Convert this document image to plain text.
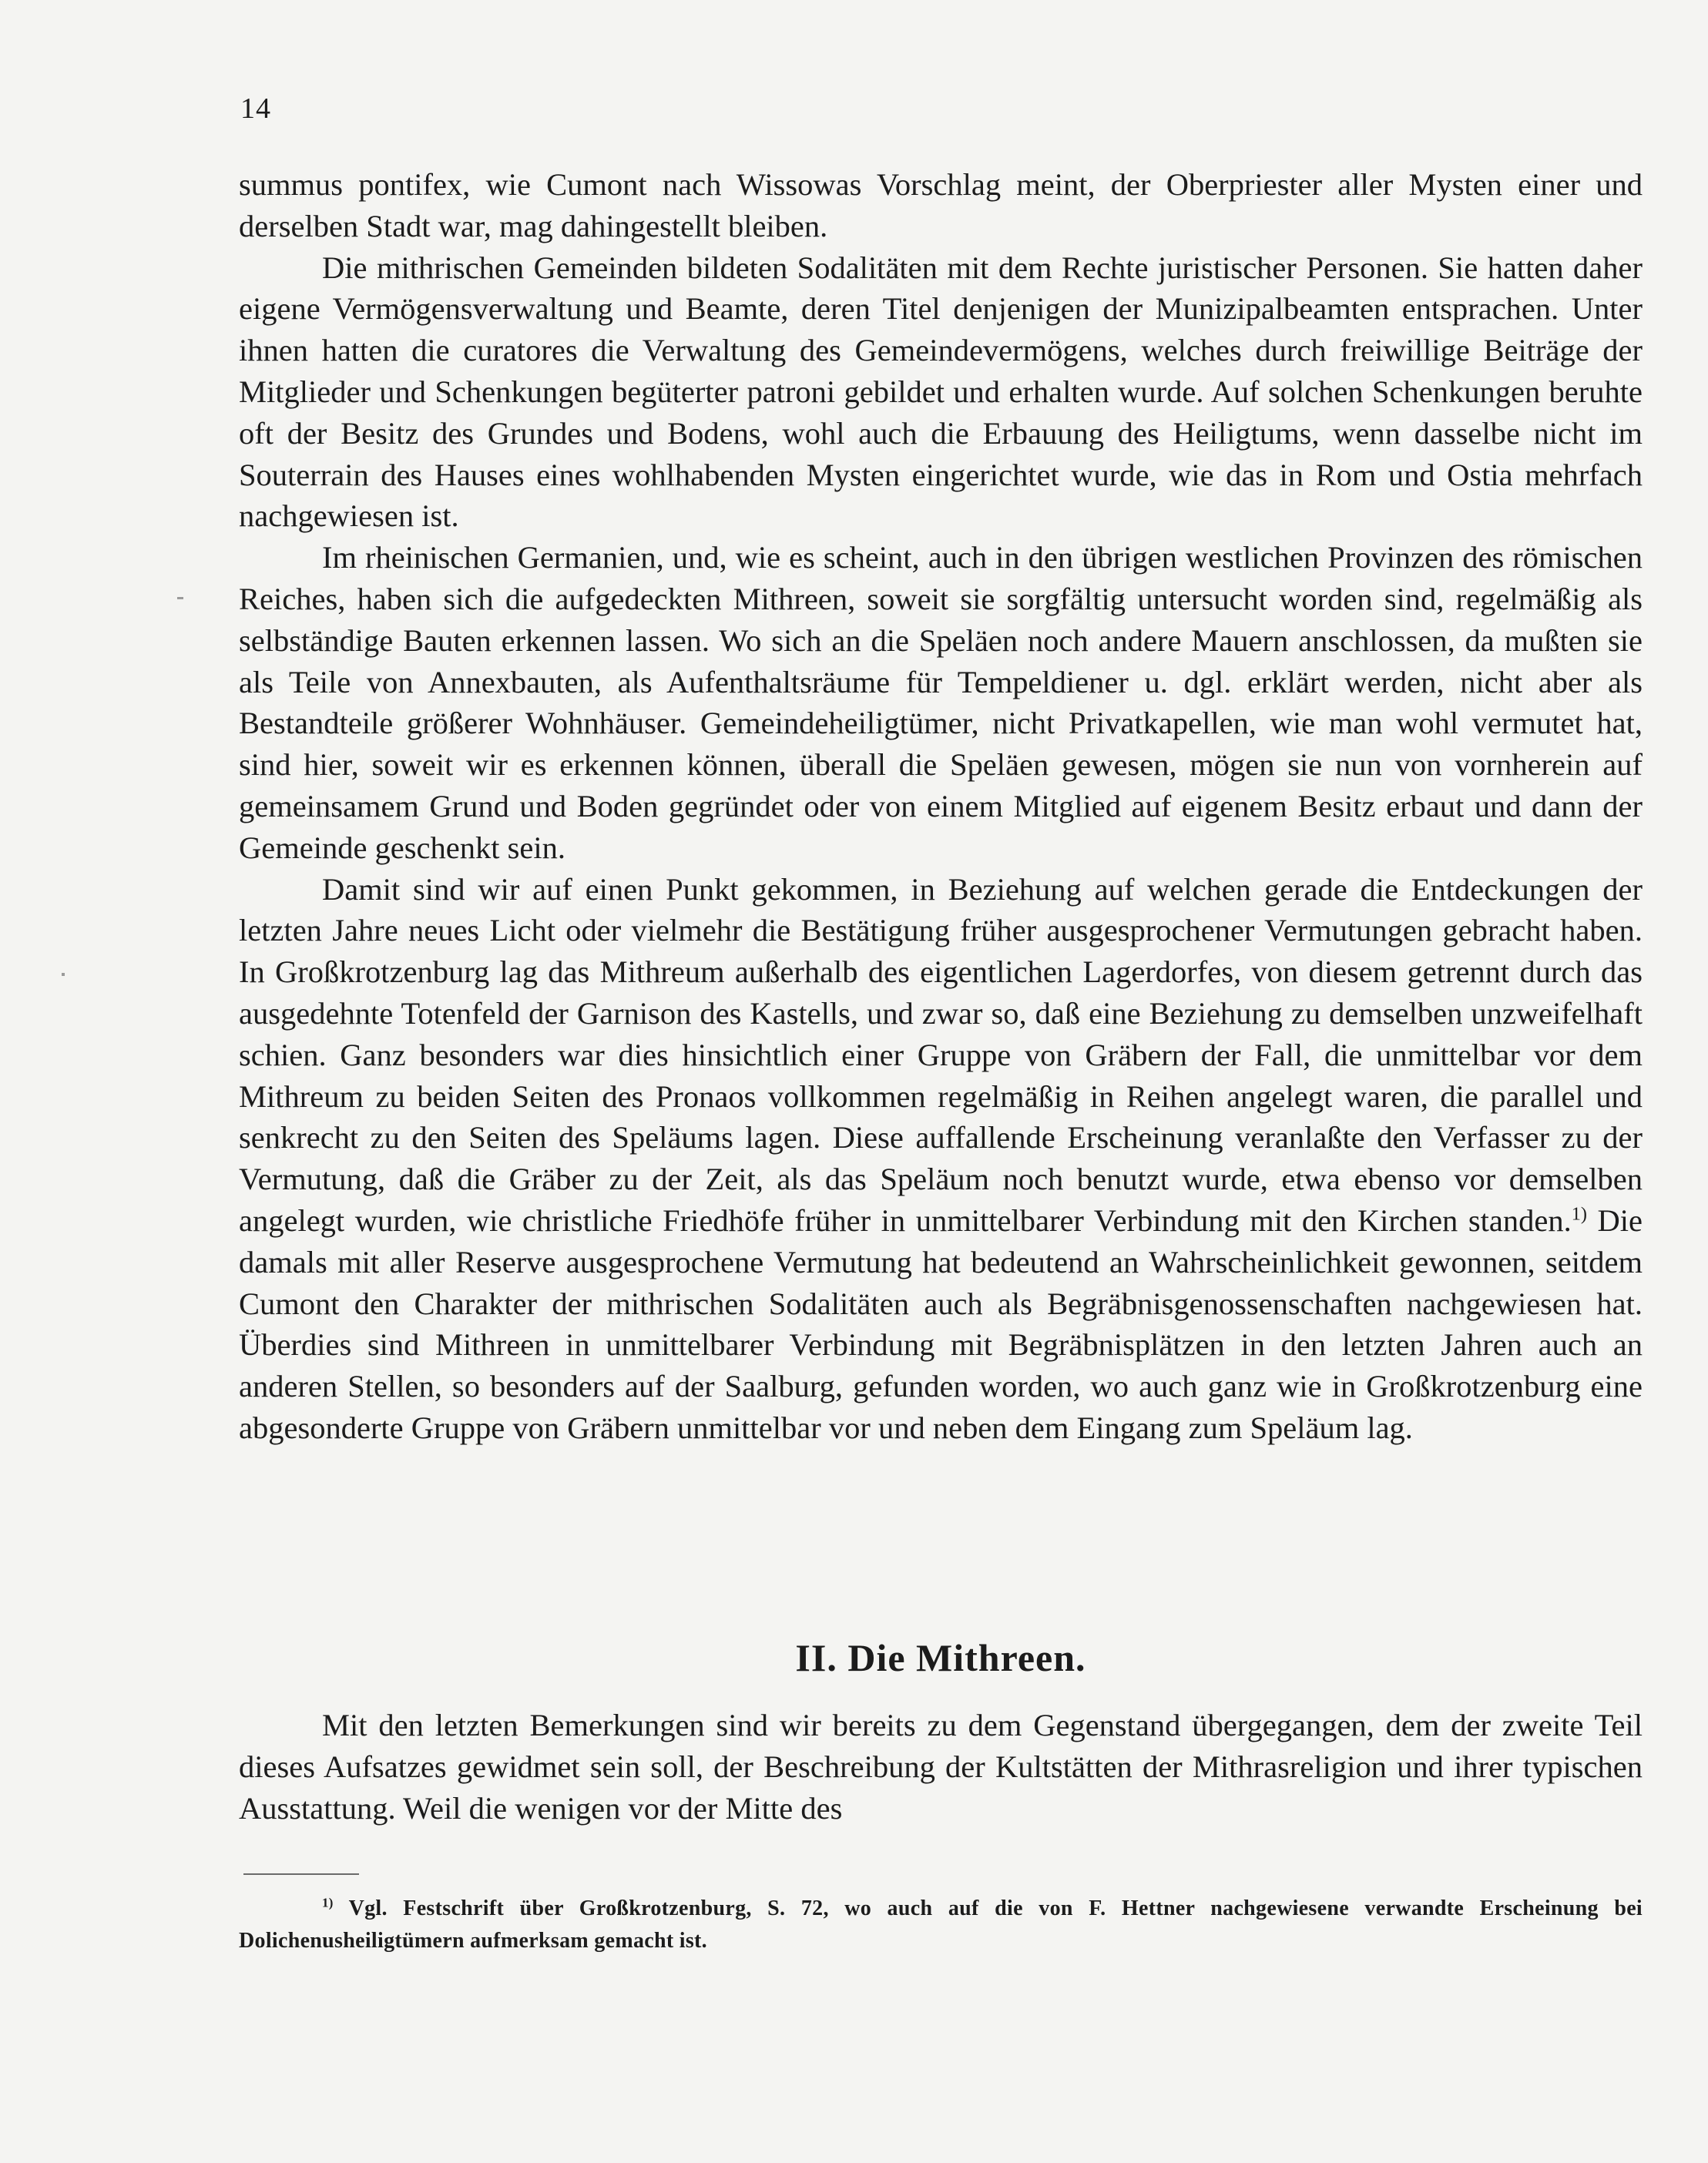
14

summus pontifex, wie Cumont nach Wissowas Vorschlag meint, der Oberpriester aller Mysten einer und derselben Stadt war, mag dahingestellt bleiben.

Die mithrischen Gemeinden bildeten Sodalitäten mit dem Rechte juristischer Personen. Sie hatten daher eigene Vermögensverwaltung und Beamte, deren Titel denjenigen der Munizipalbeamten entsprachen. Unter ihnen hatten die curatores die Verwaltung des Gemeindevermögens, welches durch freiwillige Beiträge der Mitglieder und Schenkungen begüterter patroni gebildet und erhalten wurde. Auf solchen Schenkungen beruhte oft der Besitz des Grundes und Bodens, wohl auch die Erbauung des Heiligtums, wenn dasselbe nicht im Souterrain des Hauses eines wohlhabenden Mysten eingerichtet wurde, wie das in Rom und Ostia mehrfach nachgewiesen ist.

Im rheinischen Germanien, und, wie es scheint, auch in den übrigen westlichen Provinzen des römischen Reiches, haben sich die aufgedeckten Mithreen, soweit sie sorgfältig untersucht worden sind, regelmäßig als selbständige Bauten erkennen lassen. Wo sich an die Speläen noch andere Mauern anschlossen, da mußten sie als Teile von Annexbauten, als Aufenthaltsräume für Tempeldiener u. dgl. erklärt werden, nicht aber als Bestandteile größerer Wohnhäuser. Gemeindeheiligtümer, nicht Privatkapellen, wie man wohl vermutet hat, sind hier, soweit wir es erkennen können, überall die Speläen gewesen, mögen sie nun von vornherein auf gemeinsamem Grund und Boden gegründet oder von einem Mitglied auf eigenem Besitz erbaut und dann der Gemeinde geschenkt sein.

Damit sind wir auf einen Punkt gekommen, in Beziehung auf welchen gerade die Entdeckungen der letzten Jahre neues Licht oder vielmehr die Bestätigung früher ausgesprochener Vermutungen gebracht haben. In Großkrotzenburg lag das Mithreum außerhalb des eigentlichen Lagerdorfes, von diesem getrennt durch das ausgedehnte Totenfeld der Garnison des Kastells, und zwar so, daß eine Beziehung zu demselben unzweifelhaft schien. Ganz besonders war dies hinsichtlich einer Gruppe von Gräbern der Fall, die unmittelbar vor dem Mithreum zu beiden Seiten des Pronaos vollkommen regelmäßig in Reihen angelegt waren, die parallel und senkrecht zu den Seiten des Speläums lagen. Diese auffallende Erscheinung veranlaßte den Verfasser zu der Vermutung, daß die Gräber zu der Zeit, als das Speläum noch benutzt wurde, etwa ebenso vor demselben angelegt wurden, wie christliche Friedhöfe früher in unmittelbarer Verbindung mit den Kirchen standen.$^{1)}$ Die damals mit aller Reserve ausgesprochene Vermutung hat bedeutend an Wahrscheinlichkeit gewonnen, seitdem Cumont den Charakter der mithrischen Sodalitäten auch als Begräbnisgenossenschaften nachgewiesen hat. Überdies sind Mithreen in unmittelbarer Verbindung mit Begräbnisplätzen in den letzten Jahren auch an anderen Stellen, so besonders auf der Saalburg, gefunden worden, wo auch ganz wie in Großkrotzenburg eine abgesonderte Gruppe von Gräbern unmittelbar vor und neben dem Eingang zum Speläum lag.

II. Die Mithreen.

Mit den letzten Bemerkungen sind wir bereits zu dem Gegenstand übergegangen, dem der zweite Teil dieses Aufsatzes gewidmet sein soll, der Beschreibung der Kultstätten der Mithrasreligion und ihrer typischen Ausstattung. Weil die wenigen vor der Mitte des

$^{1)}$ Vgl. Festschrift über Großkrotzenburg, S. 72, wo auch auf die von F. Hettner nachgewiesene verwandte Erscheinung bei Dolichenusheiligtümern aufmerksam gemacht ist.
